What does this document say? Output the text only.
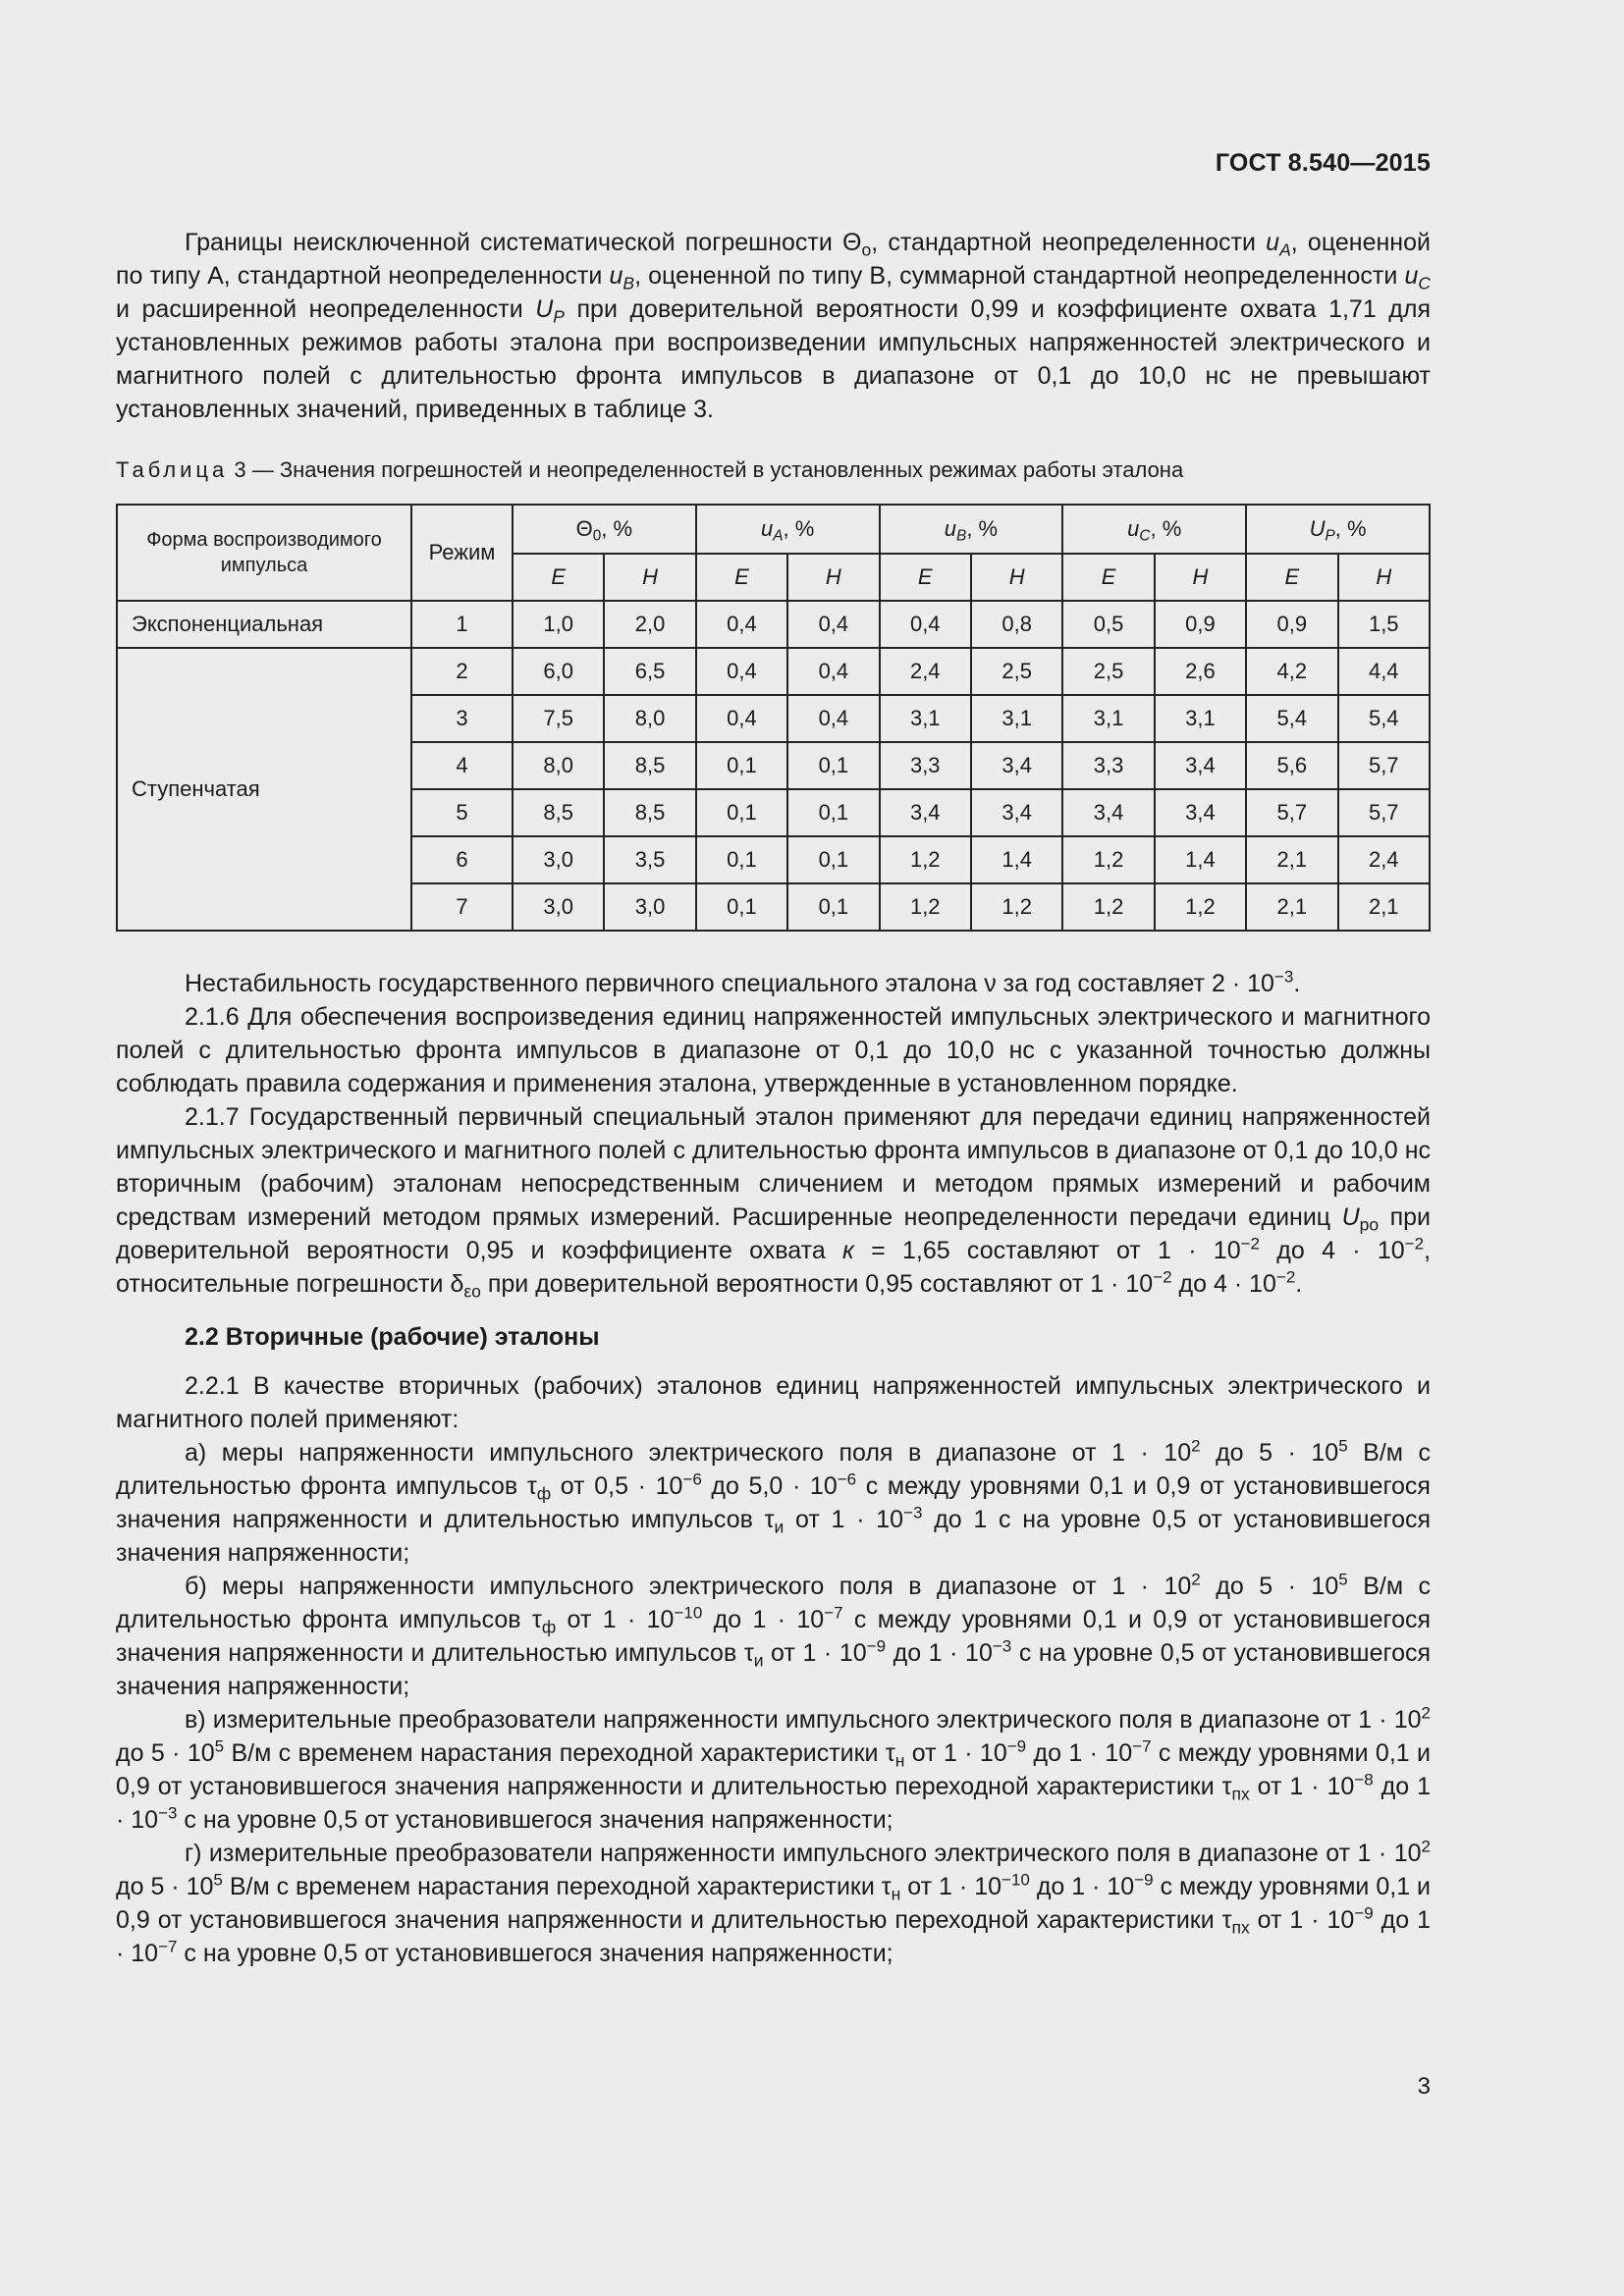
ГОСТ 8.540—2015

Границы неисключенной систематической погрешности $\Theta_о$, стандартной неопределенности $u_A$, оцененной по типу A, стандартной неопределенности $u_B$, оцененной по типу B, суммарной стандартной неопределенности $u_C$ и расширенной неопределенности $U_P$ при доверительной вероятности 0,99 и коэффициенте охвата 1,71 для установленных режимов работы эталона при воспроизведении импульсных напряженностей электрического и магнитного полей с длительностью фронта импульсов в диапазоне от 0,1 до 10,0 нс не превышают установленных значений, приведенных в таблице 3.

Таблица 3 — Значения погрешностей и неопределенностей в установленных режимах работы эталона
Форма воспроизводимого импульса	Режим	$\Theta_0$, %		$u_A$, %		$u_B$, %		$u_C$, %		$U_P$, %	
		E	H	E	H	E	H	E	H	E	H
Экспоненциальная	1	1,0	2,0	0,4	0,4	0,4	0,8	0,5	0,9	0,9	1,5
Ступенчатая	2	6,0	6,5	0,4	0,4	2,4	2,5	2,5	2,6	4,2	4,4
	3	7,5	8,0	0,4	0,4	3,1	3,1	3,1	3,1	5,4	5,4
	4	8,0	8,5	0,1	0,1	3,3	3,4	3,3	3,4	5,6	5,7
	5	8,5	8,5	0,1	0,1	3,4	3,4	3,4	3,4	5,7	5,7
	6	3,0	3,5	0,1	0,1	1,2	1,4	1,2	1,4	2,1	2,4
	7	3,0	3,0	0,1	0,1	1,2	1,2	1,2	1,2	2,1	2,1

Нестабильность государственного первичного специального эталона ν за год составляет $2 \cdot 10^{-3}$.

2.1.6 Для обеспечения воспроизведения единиц напряженностей импульсных электрического и магнитного полей с длительностью фронта импульсов в диапазоне от 0,1 до 10,0 нс с указанной точностью должны соблюдать правила содержания и применения эталона, утвержденные в установленном порядке.

2.1.7 Государственный первичный специальный эталон применяют для передачи единиц напряженностей импульсных электрического и магнитного полей с длительностью фронта импульсов в диапазоне от 0,1 до 10,0 нс вторичным (рабочим) эталонам непосредственным сличением и методом прямых измерений и рабочим средствам измерений методом прямых измерений. Расширенные неопределенности передачи единиц $U_{ро}$ при доверительной вероятности 0,95 и коэффициенте охвата к = 1,65 составляют от $1 \cdot 10^{-2}$ до $4 \cdot 10^{-2}$, относительные погрешности $\delta_{\varepsilon о}$ при доверительной вероятности 0,95 составляют от $1 \cdot 10^{-2}$ до $4 \cdot 10^{-2}$.

2.2 Вторичные (рабочие) эталоны

2.2.1 В качестве вторичных (рабочих) эталонов единиц напряженностей импульсных электрического и магнитного полей применяют:

а) меры напряженности импульсного электрического поля в диапазоне от $1 \cdot 10^2$ до $5 \cdot 10^5$ В/м с длительностью фронта импульсов $\tau_ф$ от $0,5 \cdot 10^{-6}$ до $5,0 \cdot 10^{-6}$ с между уровнями 0,1 и 0,9 от установившегося значения напряженности и длительностью импульсов $\tau_и$ от $1 \cdot 10^{-3}$ до 1 с на уровне 0,5 от установившегося значения напряженности;

б) меры напряженности импульсного электрического поля в диапазоне от $1 \cdot 10^2$ до $5 \cdot 10^5$ В/м с длительностью фронта импульсов $\tau_ф$ от $1 \cdot 10^{-10}$ до $1 \cdot 10^{-7}$ с между уровнями 0,1 и 0,9 от установившегося значения напряженности и длительностью импульсов $\tau_и$ от $1 \cdot 10^{-9}$ до $1 \cdot 10^{-3}$ с на уровне 0,5 от установившегося значения напряженности;

в) измерительные преобразователи напряженности импульсного электрического поля в диапазоне от $1 \cdot 10^2$ до $5 \cdot 10^5$ В/м с временем нарастания переходной характеристики $\tau_н$ от $1 \cdot 10^{-9}$ до $1 \cdot 10^{-7}$ с между уровнями 0,1 и 0,9 от установившегося значения напряженности и длительностью переходной характеристики $\tau_{пх}$ от $1 \cdot 10^{-8}$ до $1 \cdot 10^{-3}$ с на уровне 0,5 от установившегося значения напряженности;

г) измерительные преобразователи напряженности импульсного электрического поля в диапазоне от $1 \cdot 10^2$ до $5 \cdot 10^5$ В/м с временем нарастания переходной характеристики $\tau_н$ от $1 \cdot 10^{-10}$ до $1 \cdot 10^{-9}$ с между уровнями 0,1 и 0,9 от установившегося значения напряженности и длительностью переходной характеристики $\tau_{пх}$ от $1 \cdot 10^{-9}$ до $1 \cdot 10^{-7}$ с на уровне 0,5 от установившегося значения напряженности;

3
